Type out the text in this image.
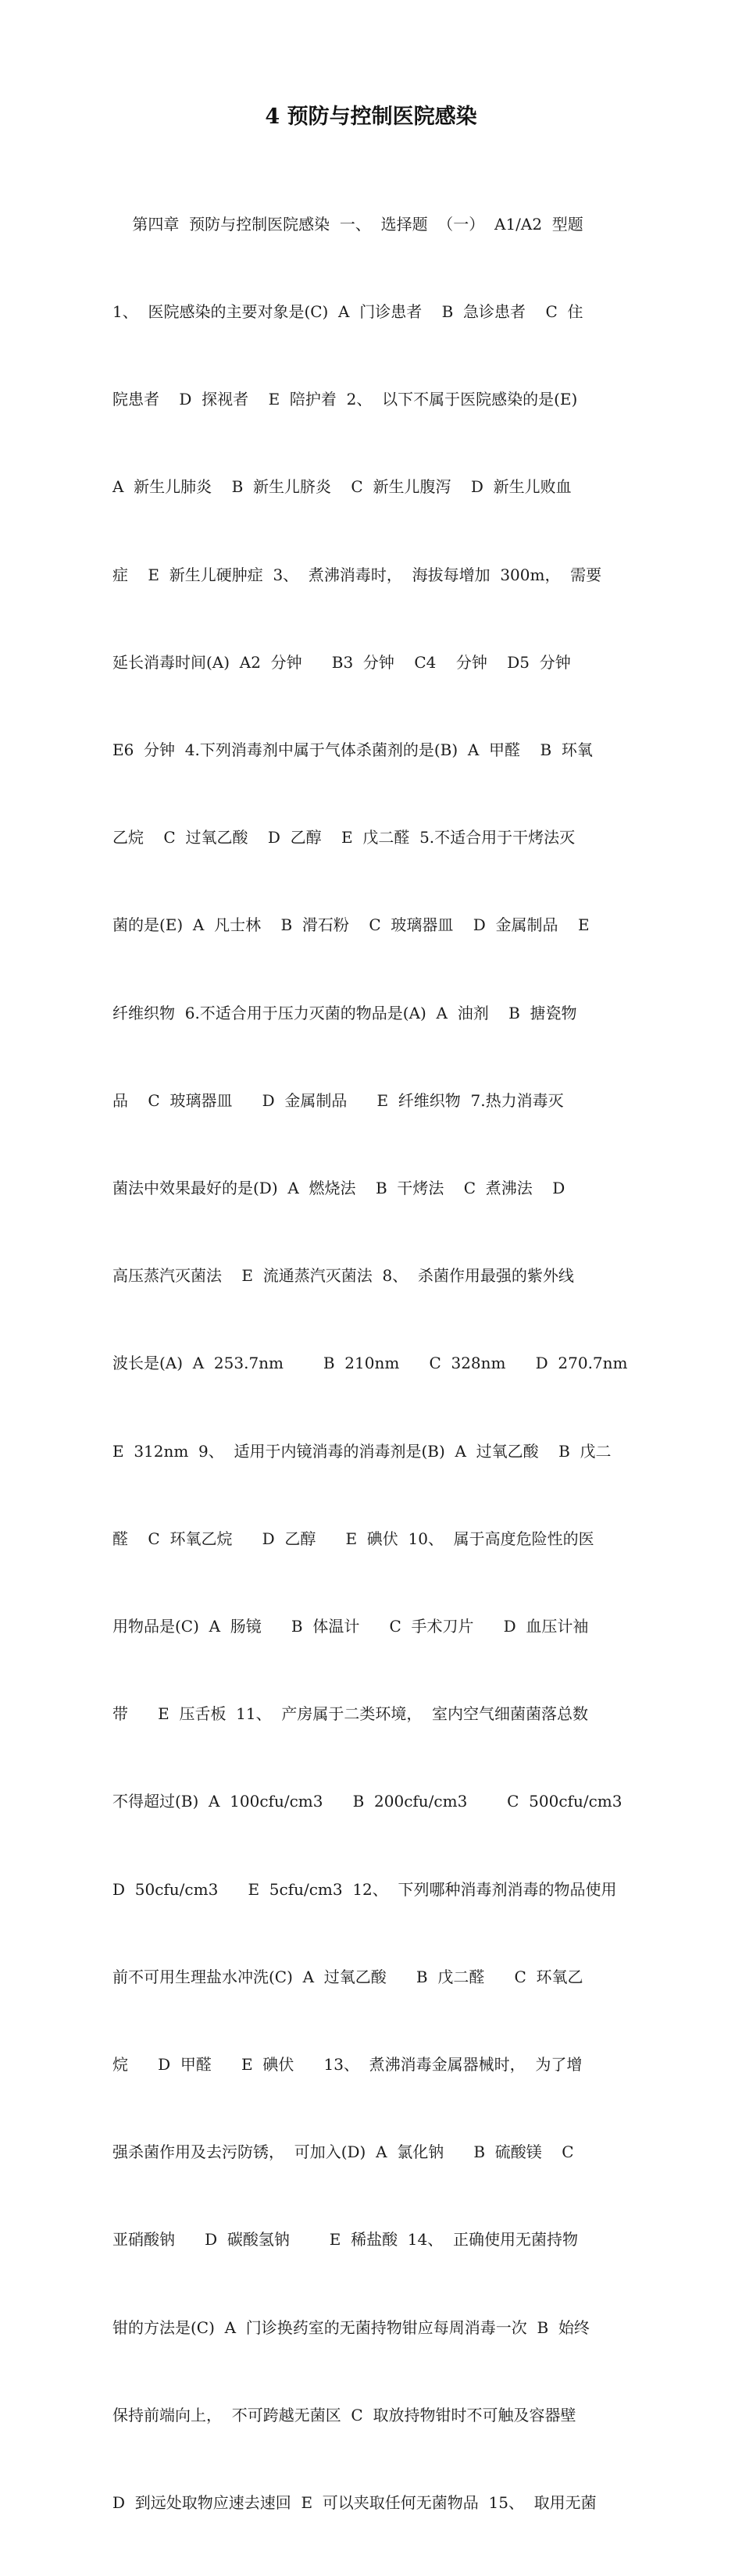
4 预防与控制医院感染

第四章  预防与控制医院感染  一、  选择题  （一）  A1/A2  型题

1、  医院感染的主要对象是(C)  A  门诊患者    B  急诊患者    C  住

院患者    D  探视者    E  陪护着  2、  以下不属于医院感染的是(E)

A  新生儿肺炎    B  新生儿脐炎    C  新生儿腹泻    D  新生儿败血

症    E  新生儿硬肿症  3、  煮沸消毒时，  海拔每增加  300m，  需要

延长消毒时间(A)  A2  分钟      B3  分钟    C4    分钟    D5  分钟

E6  分钟  4.下列消毒剂中属于气体杀菌剂的是(B)  A  甲醛    B  环氧

乙烷    C  过氧乙酸    D  乙醇    E  戊二醛  5.不适合用于干烤法灭

菌的是(E)  A  凡士林    B  滑石粉    C  玻璃器皿    D  金属制品    E

纤维织物  6.不适合用于压力灭菌的物品是(A)  A  油剂    B  搪瓷物

品    C  玻璃器皿      D  金属制品      E  纤维织物  7.热力消毒灭

菌法中效果最好的是(D)  A  燃烧法    B  干烤法    C  煮沸法    D

高压蒸汽灭菌法    E  流通蒸汽灭菌法  8、  杀菌作用最强的紫外线

波长是(A)  A  253.7nm        B  210nm      C  328nm      D  270.7nm

E  312nm  9、  适用于内镜消毒的消毒剂是(B)  A  过氧乙酸    B  戊二

醛    C  环氧乙烷      D  乙醇      E  碘伏  10、  属于高度危险性的医

用物品是(C)  A  肠镜      B  体温计      C  手术刀片      D  血压计袖

带      E  压舌板  11、  产房属于二类环境，  室内空气细菌菌落总数

不得超过(B)  A  100cfu/cm3      B  200cfu/cm3        C  500cfu/cm3

D  50cfu/cm3      E  5cfu/cm3  12、  下列哪种消毒剂消毒的物品使用

前不可用生理盐水冲洗(C)  A  过氧乙酸      B  戊二醛      C  环氧乙

烷      D  甲醛      E  碘伏      13、  煮沸消毒金属器械时，  为了增

强杀菌作用及去污防锈，  可加入(D)  A  氯化钠      B  硫酸镁    C

亚硝酸钠      D  碳酸氢钠        E  稀盐酸  14、  正确使用无菌持物

钳的方法是(C)  A  门诊换药室的无菌持物钳应每周消毒一次  B  始终

保持前端向上，  不可跨越无菌区  C  取放持物钳时不可触及容器壁

D  到远处取物应速去速回  E  可以夹取任何无菌物品  15、  取用无菌
